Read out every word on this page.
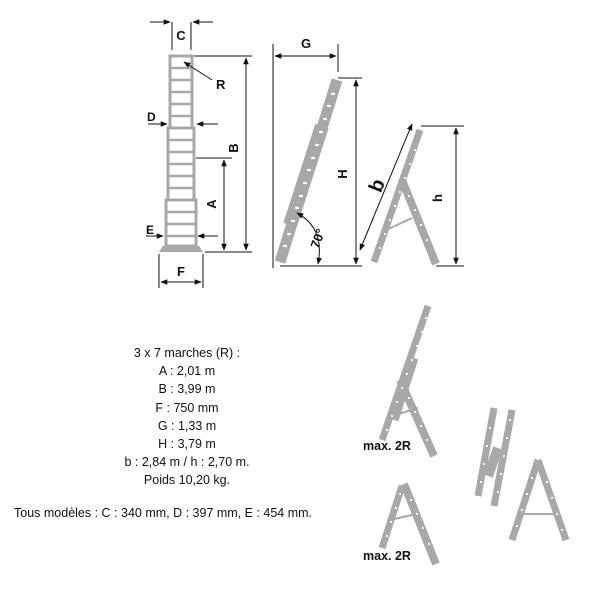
C
R
D
B
A
E
F
G
H
70°
b
h
max. 2R
max. 2R
3 x 7 marches (R) :
A : 2,01 m
B : 3,99 m
F : 750 mm
G : 1,33 m
H : 3,79 m
b : 2,84 m / h : 2,70 m.
Poids 10,20 kg.
Tous modèles : C : 340 mm, D : 397 mm, E : 454 mm.
